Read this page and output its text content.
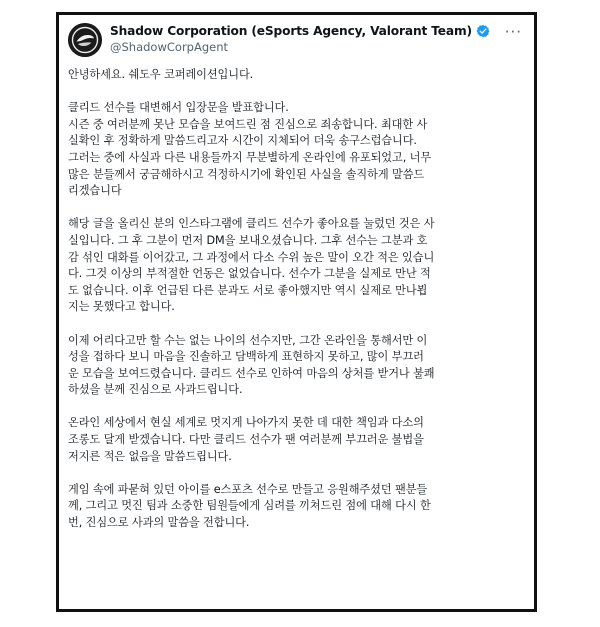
Shadow Corporation (eSports Agency, Valorant Team)
@ShadowCorpAgent
···
안녕하세요. 쉐도우 코퍼레이션입니다.
클리드 선수를 대변해서 입장문을 발표합니다.
시즌 중 여러분께 못난 모습을 보여드린 점 진심으로 죄송합니다. 최대한 사
실확인 후 정확하게 말씀드리고자 시간이 지체되어 더욱 송구스럽습니다.
그러는 중에 사실과 다른 내용들까지 무분별하게 온라인에 유포되었고, 너무
많은 분들께서 궁금해하시고 걱정하시기에 확인된 사실을 솔직하게 말씀드
리겠습니다
해당 글을 올리신 분의 인스타그램에 클리드 선수가 좋아요를 눌렀던 것은 사
실입니다. 그 후 그분이 먼저 DM을 보내오셨습니다. 그후 선수는 그분과 호
감 섞인 대화를 이어갔고, 그 과정에서 다소 수위 높은 말이 오간 적은 있습니
다. 그것 이상의 부적절한 언동은 없었습니다. 선수가 그분을 실제로 만난 적
도 없습니다. 이후 언급된 다른 분과도 서로 좋아했지만 역시 실제로 만나뵙
지는 못했다고 합니다.
이제 어리다고만 할 수는 없는 나이의 선수지만, 그간 온라인을 통해서만 이
성을 접하다 보니 마음을 진솔하고 담백하게 표현하지 못하고, 많이 부끄러
운 모습을 보여드렸습니다. 클리드 선수로 인하여 마음의 상처를 받거나 불쾌
하셨을 분께 진심으로 사과드립니다.
온라인 세상에서 현실 세계로 멋지게 나아가지 못한 데 대한 책임과 다소의
조롱도 달게 받겠습니다. 다만 클리드 선수가 팬 여러분께 부끄러운 불법을
저지른 적은 없음을 말씀드립니다.
게임 속에 파묻혀 있던 아이를 e스포츠 선수로 만들고 응원해주셨던 팬분들
께, 그리고 멋진 팀과 소중한 팀원들에게 심려를 끼쳐드린 점에 대해 다시 한
번, 진심으로 사과의 말씀을 전합니다.
